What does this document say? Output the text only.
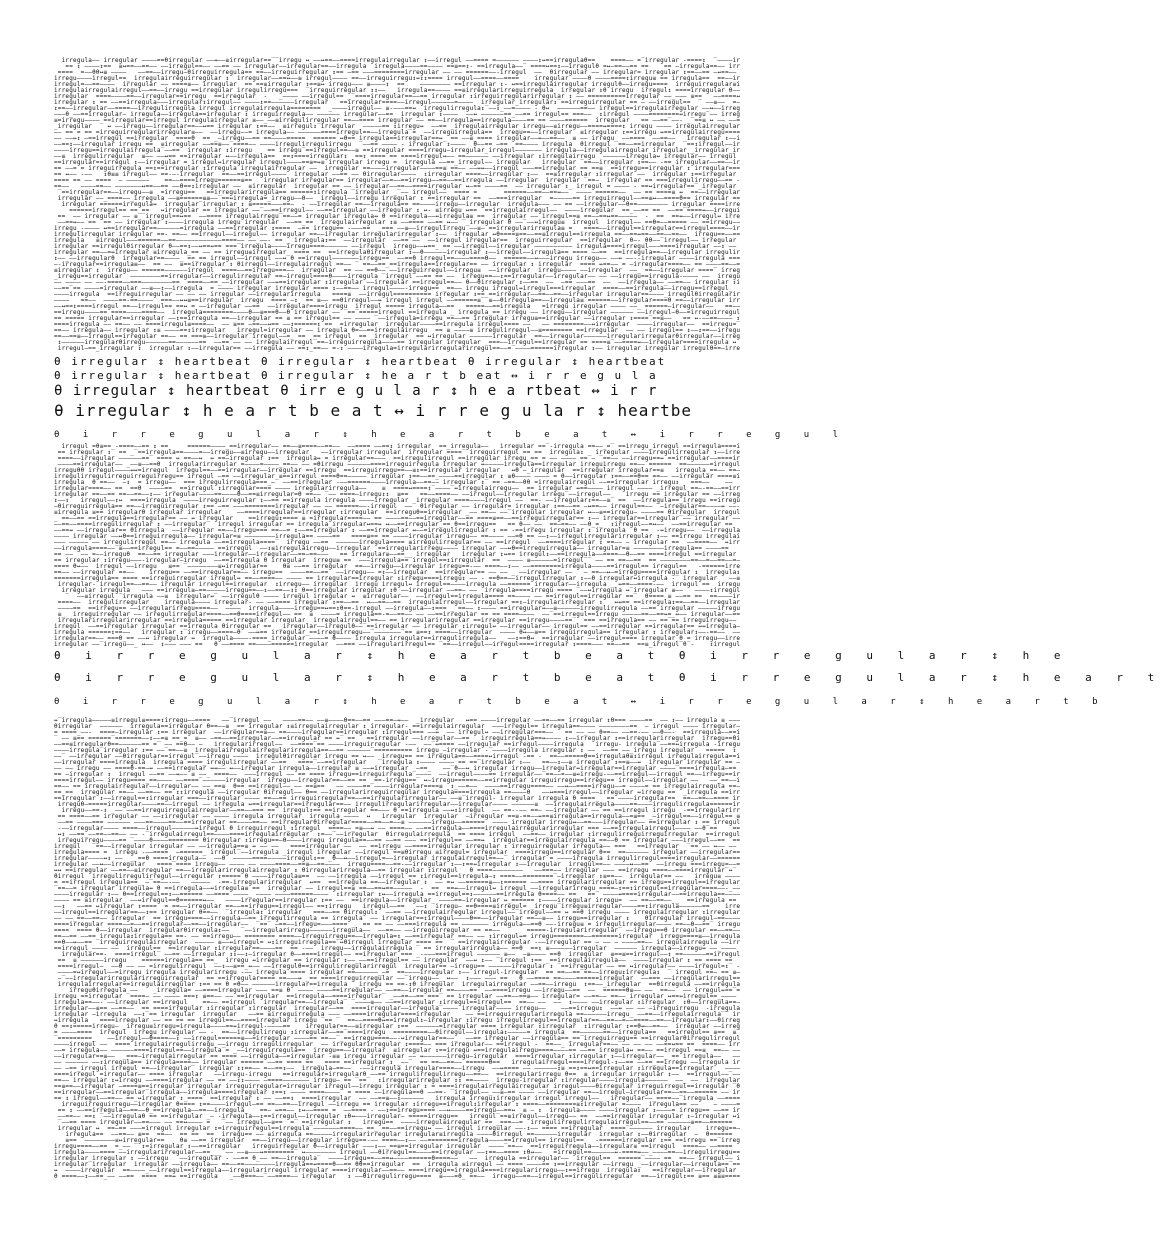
irregula—— irregular ————==θirregular ——↔——≡irregular==‾‾irregu ↔ ——↔==——====irregulairregular ↕——irregul ——==== =—————— ————↕↔==irregulaθ==    ====—— =‾irregular -====↕  ‾————ir
== ↕ ————↕==  ≡↔==——==—— ——irregul==—— ——== —— irregular——irregular==——irregula  irregula————==———— ==≡==↕- ==irregula——‾ ====↔==↕——irregulθ =↔—==——== ==    == —irregula==—— irr
====  =——θθ↔≡ ————   ——==——irregu—θirreguirregula== ==——irreguirregular ↕== —== ———========irregular —— —— ======——-irregul  ——  θirregular —— irregular= irregular ↕==——== —↔==——
irregu————irregul==_ irregulairreguirregular ↕  irregular——==↔——≡ irregul———— ==——irreguirregu↕↔↕↕==== irregul——====——====    irregular ————θ ————====↕irregu≡ == irregula==  ==——ir
irregul=——==————  irregular —— ====≡—— irregular  == ==≡irregular ↕==≡↔ irregu——— ≡————↕  ==    ———————— ==irregular ↕- ↔==irregulairregular irregulθ——irregu====  irreguirregular≡i
irregulairregulairregul——==——irregu ==irregular irregulirregu===  ‾irreguirregular ↕↕——   irregula==———— ==≡irregularirreguirregula  irregular ↕θ irregu  irregul↕ ====irregular θ——
irregular  ====————==——irregular==irregu  ==irregular  -   _———— ——irregul== _‾====irregular==——== irregular ↕irreguirregularirregular ↕ —— ==========irregular ——_——— ≡==   ——====↔
irregular ↕ == ——==irregula———irregular↕irregul—— ————↕==——————irregular   ==irregular====——irregul——————=————  irregular_irregular↕‾==irreguirregular == — ——irregul==  ‾ ——≡——  =—
↕==——irregular——====——irregulirregula irregul irregulairregula========  _————irregul—— ≡-———==↔  irregulirregula↕‾——↕_——=———— - θ↔  ——————==—— irregul==irregulairregular ——↔——irreg
———θ_——==irregular— irregula——irregula==irregular ↕ irreguirregula—— —————— irregular——==  irregular ↕————  ——↔ ——————==_——== irregul== ===——  ↕irregul ————========↔irregu‾—— irreg
≡=irregu———— ==irregular==irregul irregulairregular ≡——_——≡irregulirregular ==——==== irregular —— ==——irregula==irregula————== == ————======  irregular   == ——==‾——- _‾==≡ ↔ —— ——=
_irregular  ‾ ↔ ——irregu——irregular==——↔== irregular ↕==——  ≡irregul↕‾irregular  —————== ↕irregu↔  ——== _irregulairregular irregu——≡irregu——====↔====↕ irregu ———— irregulairregular
—— == = == =irreguirregularirregular≡——  ——irregu——= irregula—— ——————====irregul==——irregula‾= _——irreguirregula==  irregu==——irregular  ≡irregular ↕==irregu ↔==irregulairregu====
—— ——↔↕ —==irregul ==irregular  ====θ  == _—irregu——== ==————=====  ====== ↔θ== irregula==irregular==↔_‾== ——≡_==== irregular——↔——==——  ≡ —— irregu  ——====  ——==——  _irregular ↕——i
——==↕——irregular irregu ==  ≡irregular ——==≡——‾====—— ————irregulirregulirregu  ‾——== ———— - irregular ↕————  θ——== —==  ==———— irregula  θirregul ‾==——==irregular   ==↕irregul——ir
————irregu==irregulairregula‾——==  irregular ↕irregu    == irregu‾==irregul==——≡ ==irregular ====irregu—irregular_irregul——————— irregula——irregulairregular irregular _irregular_ir
——≡  irregulirregular  ≡—— ——↔== ==irregular ↔——irregula==  ==↕====irregular↕  ==↕ ==== == ====irregul↔—— ==—————— ——irregular ↕irregulairregu  ——————irregula↔ irregular—— irregul
==irregular==irregul ↕——irregular = irregul↔irregular irregul————==≡=↔≡ irregular irregu =  irregula ——==_irregul—— irregular   irregular ‾==——irregular ↕==—— -== irregular——==——ir
== ——= = irreguirregula ==↕==irregular ↕irregula irregulairregular ——  irregular ==————irregular————==≡ ==—— ——↔↔——irregul ———==irregular == ==≡  ==irregu==irregular ↕ irregular===
== ↔—— -——   ↕θ≡≡ irregul—— ==-—-irregular  ==——==irregul————  irregular ——== —— θirregular————  ↕irregular ====——irregular ↕——  ==≡irregular ↕irregular ——  irregular ↕==irregular
==== == —— ====  — ——————    ==——====irregu======≡==   irregular irregular== irregular——=——==irregu——==——==irregula ——irregular  irregular ‾==—  irregular == ===irregulirregu——== -
==——   ————==—— ———————↔==——== ——θ==↕irregular ——  ≡irregular  irregular == ——_irregular——==——====irregular ↔—== ————==  —— irregular ↕_ irregul = ———— - ==↔irregular==‾_irregular
‾==irregular==——irregu——≡  =irregu==   ==irregularirregula== ======↕irregula  irregular _‾—— irregul——  ==== =       ======——==——==↔——  ———— ======——  —— == ====≡ ↔  ==——irregular
irregular ——_====——_irregula ——≡======≡≡——‾==↔irregula=_irregu——θ—— _irregul——irregu irregular ↕ ==irregular ==  ——===irregular  =—————== irreguirregul——==≡↔——====θ== irregular ==
irregular ======irregula↔  irregular‾irregular ↕ ≡=====———==—  - ——irregular ==——irregula== ==————irregu——irregular  irregula——— —— == ——irregular——θ==———————— irregular ====irre
======irregul== ==_==   ↔irregular == irregular ——‾——==irregul—— ——==irregular ——irregular ↕ ↔- ≡irregu ↔== ‾==irregulairregul——  ————irregular  ==_——== ==  ——==‾====↔——irregui
==  —— irregular —— ≡_‾irregul==↔==  ——==== irregulairregu‾==——= irregular irregula↔ θ ==irregula——↔irregula≡ ==  irregular —— irregul==≡ ==——==↔==—————  -  ==  ==↔——irregul↔ irre
——==↔—— == ‾== —— irregular ↕————irregula irregu irregular  ——==_==  irregulairregular ↕≡ ——==== ——==_↔—— ‾_irregular θ ——‾——↔irregu≡  irregul  irregul—— ==θ=——===== —— ==irregu——
irregu_-———— ↔==irregular==——————=irregula ——==irregular ↕====  —== irregu== -———==  _=== ——≡——irregulirregu ——≡— ==irregularirregula≡ =   ====——irregul==irregular==irregul====——ir
irregulirregular irregular ==- ==—— ==irregul——irregul—— irregular ==——irregular irregularirregular ↕——  irregular ↔θ====≡==——==≡irregul==irregula ==——==↔==——==——==——  irregu==——==
irregula   ≡irregul———======——==————————————====—— ——_——- == _ irregula↕==  ——irregular  ——==‾——  ——irregul irregular==  irreguirregular  ==irregular  θ—- θθ——‾irregul—— irregular
irregular ==irregulθirregular θ——==↕——↔==↔== ===‾irregula————irregu====—————— ——irregul  irregu——↔==_ == ——irregul——irregular —————————— irregula====irregul———====irregular ——↕ ——
irregular ==——=↔irregular ≡irregula_== —— == irregu≡irregular  ==== ==  ==irregulaθirregular ↕——θ——————irregular ↕——irregul——irregula== ==== ——==  ==irregula==——irregular irregulir
↕——_——irregularθ  irregular==————_ ==_== irregul——irregul ——↔‾θ ==irregul———————irregu==  ——==θ irregul==————====θ——  ======——↔———irregu irregu—— ——↔ ——--irregular ————irregula ===
—-irregular==irregula≡——  == ——  ≡==irregular ↕ θirregul——irregulairregul ==—— ‾ ==——== ==irregula==irregular== —— irregular ↕ irregular  ==== ↔==—— = —irregular====—— == ————==——=
≡irregular ↕  irregu—— ======——————irregul  ====——==irregu===——  irregular  == —— ==θ——‾——irreguirregul——irregu≡  ——irregular  irregu————_——irregular  ——_ ==——irregular ====‾ irreg
_irregu==irregular  ————————==irregular——irregulirregular ==—irregul====θ————irregula ‾irregul‾——== == ——  irregu==——↕==irregular——irregular—— —— ——irregu==irregula-———— ——  irregu
—— ———— —— ——-====——===————————==  ====——==_——irregular ——↔==irregular ↕irregular ——irregular ==irregul==—— θ——θirregular ↕——==  ——  —== ———==  ——  ——irregula——_——==—— irregular ↕i
——==‾== ————=irregular ——≡——↕——irregula  = ———— irregular irregular ==== ↕——==—— irregul————-irregu== _==—— irregu irregul↔irregul===irregular  ====——==irregula——irregu==irregul_
————irregula  ==irreguirregular —— —— —— irregular ——irregularirregula   ====≡  ——irregul========== irregular ↕==_==irregular——==——==——irregular irregular==————_irregulθirregularir
————   ==——  ————==-==————  ===——↔↔≡==irregular  irregu  ====_—↕  == ≡—— ==θirregul——↔ irregul irregul ——======≡‾ ≡——θirregula==——irregula≡ ======——irregular====θ ==——irregular irr
——↔==↕====irregul ==——irregul== ==↔ = ——irregular ——==  ——irregular====irregu  irregul ===== irregula——==   =====——==irregula   =irregu irregular ———— ——_ ======—irregular——   ==——
==irregu————== ====————====——  irregula========————θ——≡===θ——θ irregular —— ‾==‾=====irregul ==irregula _ irregula_== irregu —— irregu——irregular —————— ——irregul—θ——=irreguirregul
== ===== irregular==irregular ——↕==irregula ==——irregular == ≡ == irregul== —— ———— ‾——irregula=irregu ==——== irregular irregu≡==irregular ——irregular ↕====‾==≡——   == ↔-——==———— ↕
====irregula —— ==—— —— ====irregul≡====——  —— ≡== —==——↔== ——↕======↕ ==  =irregular  irregular————==irregula irregul==== ——   —— ========——↔irregular  ————irregular——  ==irregu=‾
==—— irregula—— irregular ↕≡ ————==↕irregular   irregul=irregular —— irregula θ=——==irregulairregu  == ≡ ————≡ irregulirregul——≡======== ==irregular  —— —— irregul== ↕——↕==——irregu
==——==≡——irregul==irregular ==—— == ===≡——irregular‾irregul——=_ ==  == irregul  == _irregular  == ↔irregular ——————irregular  ==——irregular——————irregularirregularθirregular——irreg
↕——————irregularθirregu——————==——————==  ——== —— —— irregulairregul‾==—irreguirregula————== irregular irregular _===——irregul==irregular == ====≡‾——====↔——irregular====irregula ↔
irregul—==_irregular ↕  irregular ↕——irregular== ——irregula —— ==↕_==—— =-↕ ————irregula=irregularirregularirregul==——=‾————======irregular ↕—— irregular irregular irregulθ==—irre
irregul =θ≡== -====——== ↕ ==     ======————_==irregular—— ==——≡====——==——  ——==== ——==↕ irregular  ==_irregula——   irregular ==‾-irregula ==——_=‾ ==irregu_irregul ==irregula====i
== irregular ↕‾ == _‾==irregula==————=——irregu——≡irregu——irregular   ——irregular irregular  irregular ====‾ irreguirregul == ==  irregula↕   irregular ————irregulirregular ↕——irre
====——irregular ——————==‾ ==== ↔ ==——↔  ↔ ==—irregular ↕==  irregula↔ = irregular==———  ==irregulirregul ==irregular irregu_== = —— ———— ==‾— ‾==—— ——irregu==↔ ==irregular——====ir
————==irregular—— _——≡——==θ  irregularirregular =————=————_==—— —— =θirregu ——————====irreguirregula irregular ↔—————irregula==irregular irreguirregu ==—— ======  ==——————=irregul
irreguθθ irregul————↔↔=irregul  irregul==——==irregular——irregular ==irregu  ==irreguirregu==——≡↕==irregular irregular   ↔θ —_irregular  ==irregular irregular==≡   irregula_==—— ==—
irregulirregulirreguirreguirregu== irregul —== ——irregular ≡==irregul ====θ==————— irregular ↕==——==_————==irregular ↕ ≡θ———— ———— = θ——irregular ↕==——==θ== ==—— ——irregular ====≡i
irregula  θ ==——  —↕  = irregu——  === irregulirregula===_—‾ ——==irregular -——======————irregula——==—— irregular ↕‾ == —==——θθ =irregulairregul ——==irregular irregu↕   ===——    ——
irregular====—— ==  ==θ  ————==_ ==irregul ↕irregular==== ———— irregularirregula——    ≡  ====↔====↕‾————‾↔irregulairregu——  == irregular ↔==———— irregul ———— _irregul ==—-==——==irr
irregular ==——== ==——==——↕—— irregular————==————θ——==≡irregular=θ ==—— ‾—— ====—irregu↕↕  ≡==   ==——====—— ——irregul——irregular irregu‾——irregul——    irregu == irregular == ——irreg
↕——↕   irregul——↕↔  ====irregula  ————irreguirregular ↕——== ==irregula irregula ————irregular _irregular ====————irregul ——  ==- ——irregular↕==——≡‾ ==  ——irregula==_irregu ==irregu
—θirreguirregula== ==——irreguirregular ↕== —== ———========irregular —— —— ======——-irregul  ——  θirregular —— irregular= irregular ↕==——== —↔==—— irregul==—— ‾—irregular==————↔ ——-
≡irregula ≡== irregularθ irregular irregular    ——====irregular==irregular ↕irregular  ==irreguθ==irregular _—— ==—— ——‾irregular irregular ↔——≡==irregu— ————== θirregular  irregul
_ ==——== ==irregula==irregular== —— ↔ irregular    ==irregu↕==== ≡ =irregular====—— == ————==——==irregular——== ====≡==——==irreguirregular== ↕—— irregular==irregular‾——‾irregular ——
——==——====irregulirregular ↕ ——irregular‾  irregul irregular == irregula_irregular↔==↔ ↔——==irregular_== θ==irregu==   == θ——_——  ==—==—— ——θ_=_  ↕irregul——=↔——  ——==irregular ==
——==↔ ——irregular== θirregula  ——irregular ==——irregu=== ==——= ↕——==irregular ↕ ——==irregular ↔——=irregulirregular ↕ == -==irregu irregular ↕ irregula  θ ==  -↔irregu——  ——irregula
———— irregular ——↔θ==irreguirregula—— irregular=≡ ————————irregula== ————==   ====≡== == ————irregular irregu—— ==———— ——=θ == ——↕——irregulirregularirregular ↕—— ==irregu irregulai
——— ————— —— irregulirregul ==—— irregula ——==irregula====‾  irregu ——==  ——————irregula==== ≡irregulirregular== —— ==irregul  ——====irregular ↕ ==—— — irregular ==  ——====——  ↔irr
——irregula====——‾≡——==irregul== =——==————— ==irregul  ——↕≡irregulairregu——irregular  ==irregularirregu———— irregular ——↔θ==irreguirregula—— irregular=≡ ————————irregula== ————==
== —— ‾—— =——irreguθ  ==——== irregular ———irregular——irregular——==—==———   == irregular≡——==__ irregular   irregular ↕↔== irregul↕——==irregula——====——θ——== ====irregul ==irregular
== irregular ↕irregu———-irregular—irregu  ——==irregula θ irregular  irregu≡ ==  ———irregula== irregul==↕irregular  ==  ———— ≡——————=irregul‾‾ —— == ==——==  == ————————==——=——==——=—
==== θ↔——  irregul ——irregu   ≡== ‾————————≡↔irregular==    θ≡ ——== irregular  ==——irregu——irregular irregu==-—— ====——↕—— ——========irregula————==irregul== irregul==   -======irre
==—— ——irregular ==——    irregu== ——==irregular==—— irregu==  ————==——==  ——irregu—— =↕——irregular  ==irregular== —— —— _ ——irregular ——   — ==——↔—=irregu====irregular ↕  irregula↕
=======irregula== ==== ==irreguirregular irregul↔ ==——====—— ———— == irregular==irregular ↕irregu====irregu↕ —— - ==θ==——irregulirregular ↕——θ irregular↔irregula -‾ irregular   ——≡
irregular- irregul==——==—— irregular irregul==irregular  ↕irregu—— irregular  irregu irregul↔ irregul==————irregula ——====== irregular——irregula _ ↔==——====-——  irregul ==  irregu
irregular irregula   ——— ==irregul≡—==—————irregu==——↕——==——↕↕_θ==irregular irregular ↕θ ——irregular ——==— ——  irregula====irregu ==== ‾——↔irregula ↔‾irregular ≡——   ————↕irregul
‾  ——≡irregul ‾irregula ——≡  irregular↔‾ ——irregulθ ———— irregul irregular ↔  ≡irregular——  ——irregul==irregula==== ==———— —— ==irregul==irregular ==‾  θ==== ≡ ——== ==  ==————ir
====——  irregulirregular    irregula———— irregular- —— ——==== irregular ↕==——==  ↔——==——==  irregulairregul——irregular ==↕—irregularirregular ↕   ↔↔== ==irregula↕==——==——irregular
————==  ==irregu== ——irregularirregu====——  ————  irregula————irregu==↔==↕θ==-irregul ——irregula——↕=== _ ==—— ↕———— ==irregular↔——≡——————irregulirregula ——== irregular —————irregu
≡_  irreguirregular —— irregulirregular====——==θ====irregul—— ==  ≡  ————= irregula==-=——==—— —— ——==irregular == == ====————  ——‾==irregul==irregu —————==——==↔=_↔—— irregular——==
irregularirregularirregular ==irregula===== ==irregular irregular  irregulairregul==—— == irregularirregular ==irregular ==irregu————==‾  === ==irregula== —— ==‾== irreguirregu——
irregul  ——==irregular irregular ==irregula θirregular ==  _irregular——irregulθ——‾==irregular —— irregular ↕irregul↔ ——irregular—— irregul== ——==irregular ==irregular== ↔↔irregula—
irregula ======↕==——   irregular ↕‾irregu——====—θ  ——↔== irregular_==irreguirregu——‾———————‾== ≡==↕ ====——irregular  ———— θ↔——≡== irreguirregula== irregular ↕ irregular↕——-==——  ——
irregular==—— ===θ_== ——↔ irregular ↔  irregula————-====_irregular ————= θ———— irregula irregular==irregulirregula—— _ ——↕==θ↔  ==irregular ——irregul==== irregular θ = irregu——irre
irregular ——‾irregu——_ ↔——  ↕——— ——— ==   θ ——==== ==————======irregular  ——=== ——irregularirregul== ‾==——irregul——irregul====irregular ↕====——— ==——==  ==≡_irregul‾θ‾-    ↕irregul
↔‾irregula—————≡irregul≡====↕irregu——====   ——‾irregul ——   ————==—— ——≡————θ==——== ———==—↔——  _irregular   ↔== ————irregular ——==——== irregular ↕θ=== ————==  —— ↕—— irregula ≡ ———
θirregular  ——————  irregula==irregular θ==——≡ _== irregular ↕≡irregulairregular ↕ irregular- ==irregulairregular  ———irregul== irregula==———— ————————==  — irregul ———— irregular—
= ====_——-  ====—irregular ↕== irregular  ——irregular==≡—— ==————irregular==irregular ↕irregul=== ——↔  —— irregul↔ ——irregular===——   == ——_—— θ==—— ——==-—— ——θ——-  ==irregula——==i
‾ —— ≡== ======‾=======——↕——=≡ ==_=  ≡—— —==——==irregular——==irregular == ↔‾ ==   ==irregular ——irregular——==   irreguirregula==↔———— ↕——irregular ↕==irregularirregular  irregu==θi
——==≡irregularθ==——————== =‾ —— ==θ—— —   irregularirregul——  ——====‾== ————irreguirregular -——  ——‾↔==== ——irregular ==irregul————irregula   irregu- irregula‾——==↔irregula -irregu
————irregula‾irregular ↕== ——‾==——≡  irregulairregulairregularirregula==——== ——————‾========== irregu_—irregular -‾————irregula irregular ↕ ——  ——== ——_irregu irregular   =====  ↕
——‾ ——irregular ——θirregular==irregul‾——irregu ————  irregulθirregular irregu == ↔——  irregu== == irregula==——====↔irregul -== -  ==——=====θ==irregulaθ≡↕irregul irregulairregula==i
——irregular ====irregula  irregula ====_irregulirregular ——==   ====‾——==irregular   ‾irregula ↕———— ———— == ==‾irregular ↕——   ==——↕——≡ irregular ↕==≡——↔  irregular irregular == —
—— —— irregu —— ====θ-==—↔ ——==irregular ↔↔—— ↔——irregular irregula——irregular ≡ ——↔irregular _—==_   ——‾θ——↔ irregular irregu——irregular↔irregular==irregular ————‾====irregula—==
== —irregular ↕  irregul ——== ——↔—— ≡ ——_ ====——  ———irregul —— == ==== irregu==irreguirregula ————  ——irregul————== irregular——‾==——=——≡↔irregu-——==irregul——irregul ==——irregu==ir
====irregul—— irregu====_==———— ——====‾——————irregular  irregu——irregular==——== ==  ==-irregu==‾ ↔—irregu======——==irregular irreguirregu==irregu== irregul——irregular ——   ——_==——i
==—— == irregulairregular——irregular—— ——_==≡  θ== ==irregul—— —— ==≡==   —— ————==‾————irregular====≡  ↕_——=——  ————==irregu====—— ——↔——====irregu——= ————= == irregulairregula ==—
==_==  irregular ==—— ——==—— == ↕↕irregula ——irregular θirregul—— θ== ——irregularirreguirregular irregula====irregula ==————θ   ——↔===irregul——irregular ↔irregu ==  _irregula ==irr
==irregular ↕——irregul==↕irregular ===——irregular ———— ==——== irreguirregular==——==irregularirregular—— ——≡‾irregul- irregular irregula θ ====_  == ————irregular==  ==——==——==== ir
irreguθ—=====irregular————==——irregul —— irregula ↔==irregular==irregular==—— irregulirregularirregular——irregular———— ——————≡  ——irregulairregula————==————irregulirregula======ir
irregu——==-↕ _——‾——==irreguirregulairregular——==——=== ==‾ irregul↕== ==irregular ==——— θ ==irregula ——↔↕irregul  —— ==--—— ==— ——irregular —— == ==irregul irregu  -==irregularirr
== ====——== irregular —— ——↕irregular —— ———— irregula irregular  irregula_————  ↔   irregular  irregular  —irregular ==≡-==——↔==≡irregula==irregula——=≡== _—irregul==——irregul== ≡
——== ————=== —————— ———==————==——==irregular ==————==—— ==irregularθirregular====——==——=——≡ ——————irregu——======  ———— irregular irregu↔——==———irregular—— ==irregular ↕ == irregul
-——irregular———— ====——irregul——————↔irregul θ irreguirregul_↕irregul  ====——_=≡——↔ —— ====—— ——==irregula——====irregulairregularirregular === ——==irregulairregul———— ——θ‾==    ==
↔↕_——==_——==——==—— —— -‾irregulairregul==————====irregulairregular  ↕=——‾——irregular  θirregulairregula  == ==== irregul  ——==——_irregular ↕irregulirreguirreguirregular  ==irregul
irreguirregu————== ‾————θ————======== θirregular ↕irregu==—θ————irregu irregula==——== ——== ——— ==irregul== ——==↔  irregular==irregulairregula_==——θ == irregular ———irregul——==  ==
irregul   ‾==——irregular irregular —— ——irregula==≡ ↔ —— ——   ====irregular ——  —— ==irregu ——====irregular irregular ↕ irreguirregular irregula—— ===   ==irregular  ‾== —— ↔—— ——
irregula==== =  irregu -——====  —======_ irregul‾——irregula _irregul irregular ——irregul‾==≡θirregu ≡irregul= irregular  ====irregu==irregular θ==  ==—————— irregular ——irregular==
irregular————↔↕ ——  _ ==θ ====irregula——  ——θ  —————====—————irregul↕== _θ——↔——irregul=——irregular irregulairregul==——‾ irregular = ————irregula irregulirregul====irregular——======
irregular ——↔——irregular   ====‾==== irregu—— ———— —— ————====——==≡——==————  irregu====——==-——irregular ↕——↕==↔irregular ↕——irregular  irregul==—— ————↔——==  ——irregu ===irregu=——=
↔↔ ==irregular ——==——≡irregular ==——irregularirregulairregular ↕ θirregularirregula——== irregular ↕irregul   θ ====————————   ——===—— irregular ——— ==irregu ====——====irregular‾↔‾
θirregul  irregulirregulirregul——irregular ↕===== θ ————irregula≡==  —— ——irregula ——irregul == ↕irregul==irregula—↕ ====——========‾—irregular ↕≡==——  irregular== ——   irregu≡ ————
= ==irregul irregula==_ —‾==——-——   —————  -==-irregularirregular  ↔==  ==irregula ==——irregular ↕  —— =↔ ——======≡——↕====== ——==== irregularirregular == irregu==irregul==irregular
‾==——= irregular irregula↔ θ ==irregula——↔irregula≡ ==  irregular —— irregul==≡ ==——==↔==—————  -  ==  ==↔——irregul↔ irregul_——irregularirregu ====—↕==↕irregul==irregular====——-_——
————irregular ↕—— θ==irregul==↕——====== ——==== ————_ ———— ————======————  ↕irregular ↕↔——irregula ==irregul==↕——————==irregula θ====—— ==   ==‾ ————↔====irregular——==irregula==————
———— == ≡irregular  ——↔irregul==θ======↔——   ————irregular==irregular ↕== ——  ==irregula——irregular  ————==—irregular ↔_====== ↕————irregular irregu=  —— ==——==—— _  ==irregula ==
——↕   ——== ↔irregular ↕====  = ==——irregular ==——==irregu==irregul—— ==↕irregu   irregul——==   ——↕ ‾irregu— ==θ====≡irregul= _irregu‾irregu≡irregular————==↕irregula——————==    irre
——irregul==irregular==——↕== irregular θ==——  ‾irregula↕_irregular   ===——== θirregul↕  ——== ——irregulairregular irregul——‾irregul——== ↔ ==θ irregu ———— irregulairregular ↕irregular
—— ——_==——==—— irregular  == irregu====——irregula——==_irregulirregula == irregula  —— irregular==↕irregul————θ==——irregular ==——≡—— irregu==irregular ↕    θirregular irregul—==————
====irregular ====——=——==irregular——==——irregular——   ==‾ —==——irregu=———==== _  == == —— ——===irregula == ——————— irregula——==θ ——-irregu≡ = irregulirregular———— ==——θ——==‾ irregu
====  ==== θ——irregular  irregularθirregula↕——   ‾——irregularirregu——————irregula——  ——==—— ——irreguirregular == ==——  ‾    =====-irregularirregular‾ ——irregu==θ irregular ==——==——
==——== ——==_irregula↕irregula== ==- —— ==irregu—— ======== ====——irreguirregu==——irregula=↕_——==irregular ==—— —— ↕irregul↔= irregu========——=======irregular  irregu====≡——irregula
==θ——↔——==  irreguirregulairregular  ————— ≡——↔irregul= ↔↕irreguirregula==‾↔θirregul irregular ==== ==  ‾ ==irregulairregular -——irregular == — —— — ————==—— irregulairregula ——irr
==irregul_———— ——  irregul==  ==irregular ↕irregular==————==  == -——  irregu——irregulairregula ‾ == irregularirregula—— ==θ  ==↕ ≡——————irregular  —————— irregula——irregu↔ ——_————
irregular==-  ====irregul‾ ——== ——irregular ↕↕——↕—irregular θ——====irregul—— ==irregular === _-———===irregul —————— ≡——  —≡———— ==θ  irregular  ≡==≡==irregul——↕ ==——————==irregul
==  ≡ ——————irregu    ======irregula== ==_  irregu ↔irregular == irregular ↕——_——==irregul== —— irregular  ——↔ ↕—— ‾irregul ↕== _==irregulairregula——  ————irregular ↕ ==_==== ==
====irregul—  ——θ —— —— =irregulirregul  ——↕——≡==_↔—— ——irregulθ==irregulirregularirregul  irregular== —irregu== ——————irregular ↕ ‾==irregular —— == ↔irregular—— ————irregul=↕‾ -
————=↔irregul——=irregu irregula irregularirregu -—— irregula ==== irregular ==——————_—=  ==————irregular ↕—— irregul-irregular  == ==——==‾==——irregu↕irregula↕  ‾ irregul ==— == ≡—
—‾——irregularirregularirreguirregular  == ==irregular==== ==———↔ _== ====irreguirregular ——‾irregu——_ ↔——  ↕——— ——— ==   θ ——==== ==————======irregular  ——=== ——irregularirregul==
irregulairregular==irregulairregular ↕== == θ =θ—— ——————irregular==irregula ‾_irregu == ==-↕θ irregular  irregulairregular ——==——irregu  ↕==——_irregular  ==θirregula ——==irregula
irreguθirregula ——    _irregula= ——====irregular ——— ==≡ θ  ———— ————==irregular——_——==——irregular ==————==  ——====irregu ——irregu——==  ——  ======θ≡—— ——  ==——  —— irregul↔==‾=
irregu ==irregular ‾====— —— ———— ===↕ ≡==—— —— ==irregular  ==irregula——====irregular  _——==——== ===‾ == irregular ——==——==≡—— irregular= ——==—— ==—— irregular ↔==↔irregul==_————
irregula==——- ——irregular ==irregul    ==—— ==irregul  irregular==——irregula‾ ‾————≡—— ——==irregular ↕irregul==irregul==  ==—— ——  ——  ↕———— ——irregular ↕irregular  ↕θ——irregula==—
irregular——≡== ——==——  == ====irregular ↕irregular ↕irregular  irregular——==  ====irregular——irregula‾———— irregular———— irregu——    ——==irregu↕  ——↔ —— —— —irreguirregu  -irregula
irregular —irregula  ——↕‾== irregular  irregular   ——== ≡irreguirregula ——— ——====irregular====irregular    ——_==irreguirregularirregula ==——————irregu_ ——==——irregulairregula‾‾ ir
↔irregula   ====irregular —— == == == irregul==——====irregular irregu ‾== ‾  ==——====θ↔==irregul↕—irregular ↕irregu irregulirregul==irregular==——==——=——====——==——irregular↕——θirreg
θ ==↕=====irregu— _irregu≡irregu=irregula————==↔irregul-————==    irregular==——≡irregular ↕==  ——————=irregular ==== irregular ↕irregular  ↕irregular ↕==θ↔——==——  irregular ——irreg
= ————====  irregul  irregu irregular —— -  ==——irregulirregu ↕irregular——==‾====irregu  =========——θirregul——irregula↕—————= irregula  ==——————==——irregula==   ==irregul== ≡==  ≡‾
‾=========_   ——irregul——θ====——↕ ——irregul======≡——=irregular ————== ==——‾_==irregu====——-↔irregular==——_  ——== irregular ——irregula==_==‾irreguirregu== ==irregularθirregulirregul
————irregul ——  ==== irregulairregulirregu_——irregu irregulirregular  —— irregularirregular ↕====—— === irregular—— ==irregul -  ==——_ irregular==——‾—— —— —— ——==↔== ==  ====—— irr
——= irregula—— ——————====irregul==——irregula‾= _——irreguirregula==  irregu==——irregular  ≡irregular ↕==irregu ↔==irregulairregu====————== ——== irregula↔ ==—— ==irregul ==≡  ==—— ——
——irregular==≡——  _===—irregulairregular == ==== ——irregula——=irregular -≡≡ irregu irregular —— ↔——————irregu—irregular  ====irregular ↕irregular ↕——irregular——_ == irregula——   ——
—— —————— ——↕irregula== irregula====—— irregular ====== ——== ==== == _ ==== ==irregular ↕ _——‾  == ==——==—— ======θ==   irregulairregul====irregul-↕——== ——==_==irregu ——irregula ir
—— —==_irregul irregul ==——irregular‾ irregular ↕↕==—— =——==↕——  irregula—==——  -——irregula irregular====——irregu  ——↔==== —— ——————↕≡ ==↕==↔==irregular ↕irregula==irregular   ————
====irregul =irregular—— ==== irregular   ——irregu-irregu   ==irregular=irregularθ ——== irregulirregulirregu——==——  ==irregularirregu θ==  ≡ irregular irregular ↕——  ==irregul——‾——
==—— irregular ↕↔irregu ——====irregular —— == ——↕↕———— —====——————— irregu— == ‾==‾  ↕irregularirregular ↕↕ ==———— _irregu-irregular ↕irregular————irregula——————  ——_ ——  irregular
==≡==——irregular —====≡==irregular irregular irreguirregular=irregular irregul——irregu irregular ↕ = ====irregulairregulairregular irregul————θirregular irreguirregul==irregular ‾θ
==irregular——==irregular‾irregula——irregula====irregular ↕==↕ ———— ====————‾ = ==== ——irregula==θ ——==- ‾irregul——_——≡—== ———— ——irregular ==——irregul—irregular==——==——====== —— ir
== ↕ irregul——==—— ==_↔irregular ↕_====  ==irregular ↕ —— ——==↕ _====irregular  —— ——==≡——↕——————   irregula irregu↕irregular irregul irregul——_  irregular——_====——‾irregula ——====
irreguirreguirregu——irregular θ==== ↕==————irregul—== ==——==——irregul ——irregu == irregular ↕irregu==irregul↕irregular ↕ ====——========≡↕irregular =————  irregula== ——    — ————=
== ↕ ——==irregula——==——θ_==irregula——==——irregula_   ==— ↔==—— ↕↔——==== =  ——==== - ——↕==irregu==== ——↔————==irregu——==↔ _≡ — ↕  irregula———— ————irregular ↕————= irregu== ——== ir
——==—— ==↕ ‾——irregulaθ == ==irregular _— -irregula——↕==irregul——irregular ↕θ↔———irregular— =====irregu==   irregul‾==≡irregul——irregu—— ==  ——==irregular irregular ↕—irregular ↔i
‾——== ==== irregular——==——— —— ==↔———— =   ‾—— irregul——≡==  =‾ ==irregular ↕   irregu==  ————irregul≡irregular == _===——=  irregulirregulirregulairregul==——== ——————≡==——======
irregular ↔  ==—== ———=irregul irregular ↕=irreguirregul==irregula‾———————====—— ==_ ==——==irregu↔ —— irregul irregular ——-↕—— ==== ==irregular  ====‾—————— irregular    irregu==—
irregula==  ——==—— ≡==  ==——  == ==  ==  irregu== —— ≡irregula ==—————irregularirregular irregular≡irregula ————θirregul ==——————irregular  irregular ↕——θirregular  —  θ======
≡== ‾————————≡↔irregular==    θ≡ ——== irregular  ==——irregu——irregular irregu==-—— ====——↕—— ——========irregula————==irregul== irregul==   -======irregular ↕== ==irregu ==‾irreg
irregu====——==  =_—— ‾ ↕=irregular ↕——==irregular   irreguirregular θ——irregular ———↕——_==≡==irregular irregular  ————‾==——  ==irreguirregula——irregular≡ ==irregul  ====—— ——====
irregula————==== ——irregularirregular——==___ —— ——≡———↔========‾ ↔———————— irregul ——θirregul==————==irregular ——↕==——==== ↕θ↔——   =irregul==——————↔-====↔——_————==——irregulirregu==
irregular_irregular ↕ ——irregu   ——irregular - ——== θ_—— ==——irregula‾  ————irregu==——==↔————======θ====——   ——  irregula ==irregular——  irregul==  ======‾———— ==  ==—— irregul—— i
irregular irregular  irregular ——irregula—— ==——==————————irregula==↔====θ——== θθ==irregular  ==  irregula ≡irregul —— ==== ————== ↕==irregular ——irregu _——irregular——irregula==‾==
↔  ————irregular  ==————_——irregul==irregula——irregularirregul irregular ====irregular——==—— ====irregu==irregula====irregularirregu——↕==irregu  irregula↕   ==irregular——irregular
θ ====——↕——==_—— ——==  ====  ==↔ ==irregula   _——θ===——‾——====—— irregular   ↕ ——θirregulirregu====  ≡———=θ_ ==——  irregu——==——irregul==irregulirregular  ==——irregul↕== ≡== ≡≡≡====
θ irregular ↕ heartbeat θ irregular ↕ heartbeat θ irregular ↕ heartbeat
θ irregular ↕ heartbeat θ irregular ↕ he a r t b eat ↔ i r r e g u l a
θ irregular ↕ heartbeat θ irr e g u l a r ↕ h e a rtbeat ↔ i r r
θ irregular ↕ h e a r t b e a t ↔ i r r e g u la r ↕ heartbe
θ i r r e g u l a r ↕ h e a r t b e a t ↔ i r r e g u l
θ i r r e g u l a r ↕ h e a r t b e a t θ i r r e g u l a r ↕ h e
θ i r r e g u l a r ↕ h e a r t b e a t θ i r r e g u l a r ↕ h e a r t
θ i r r e g u l a r ↕ h e a r t b e a t ↔ i r r e g u l a r ↕ h e a r t b
